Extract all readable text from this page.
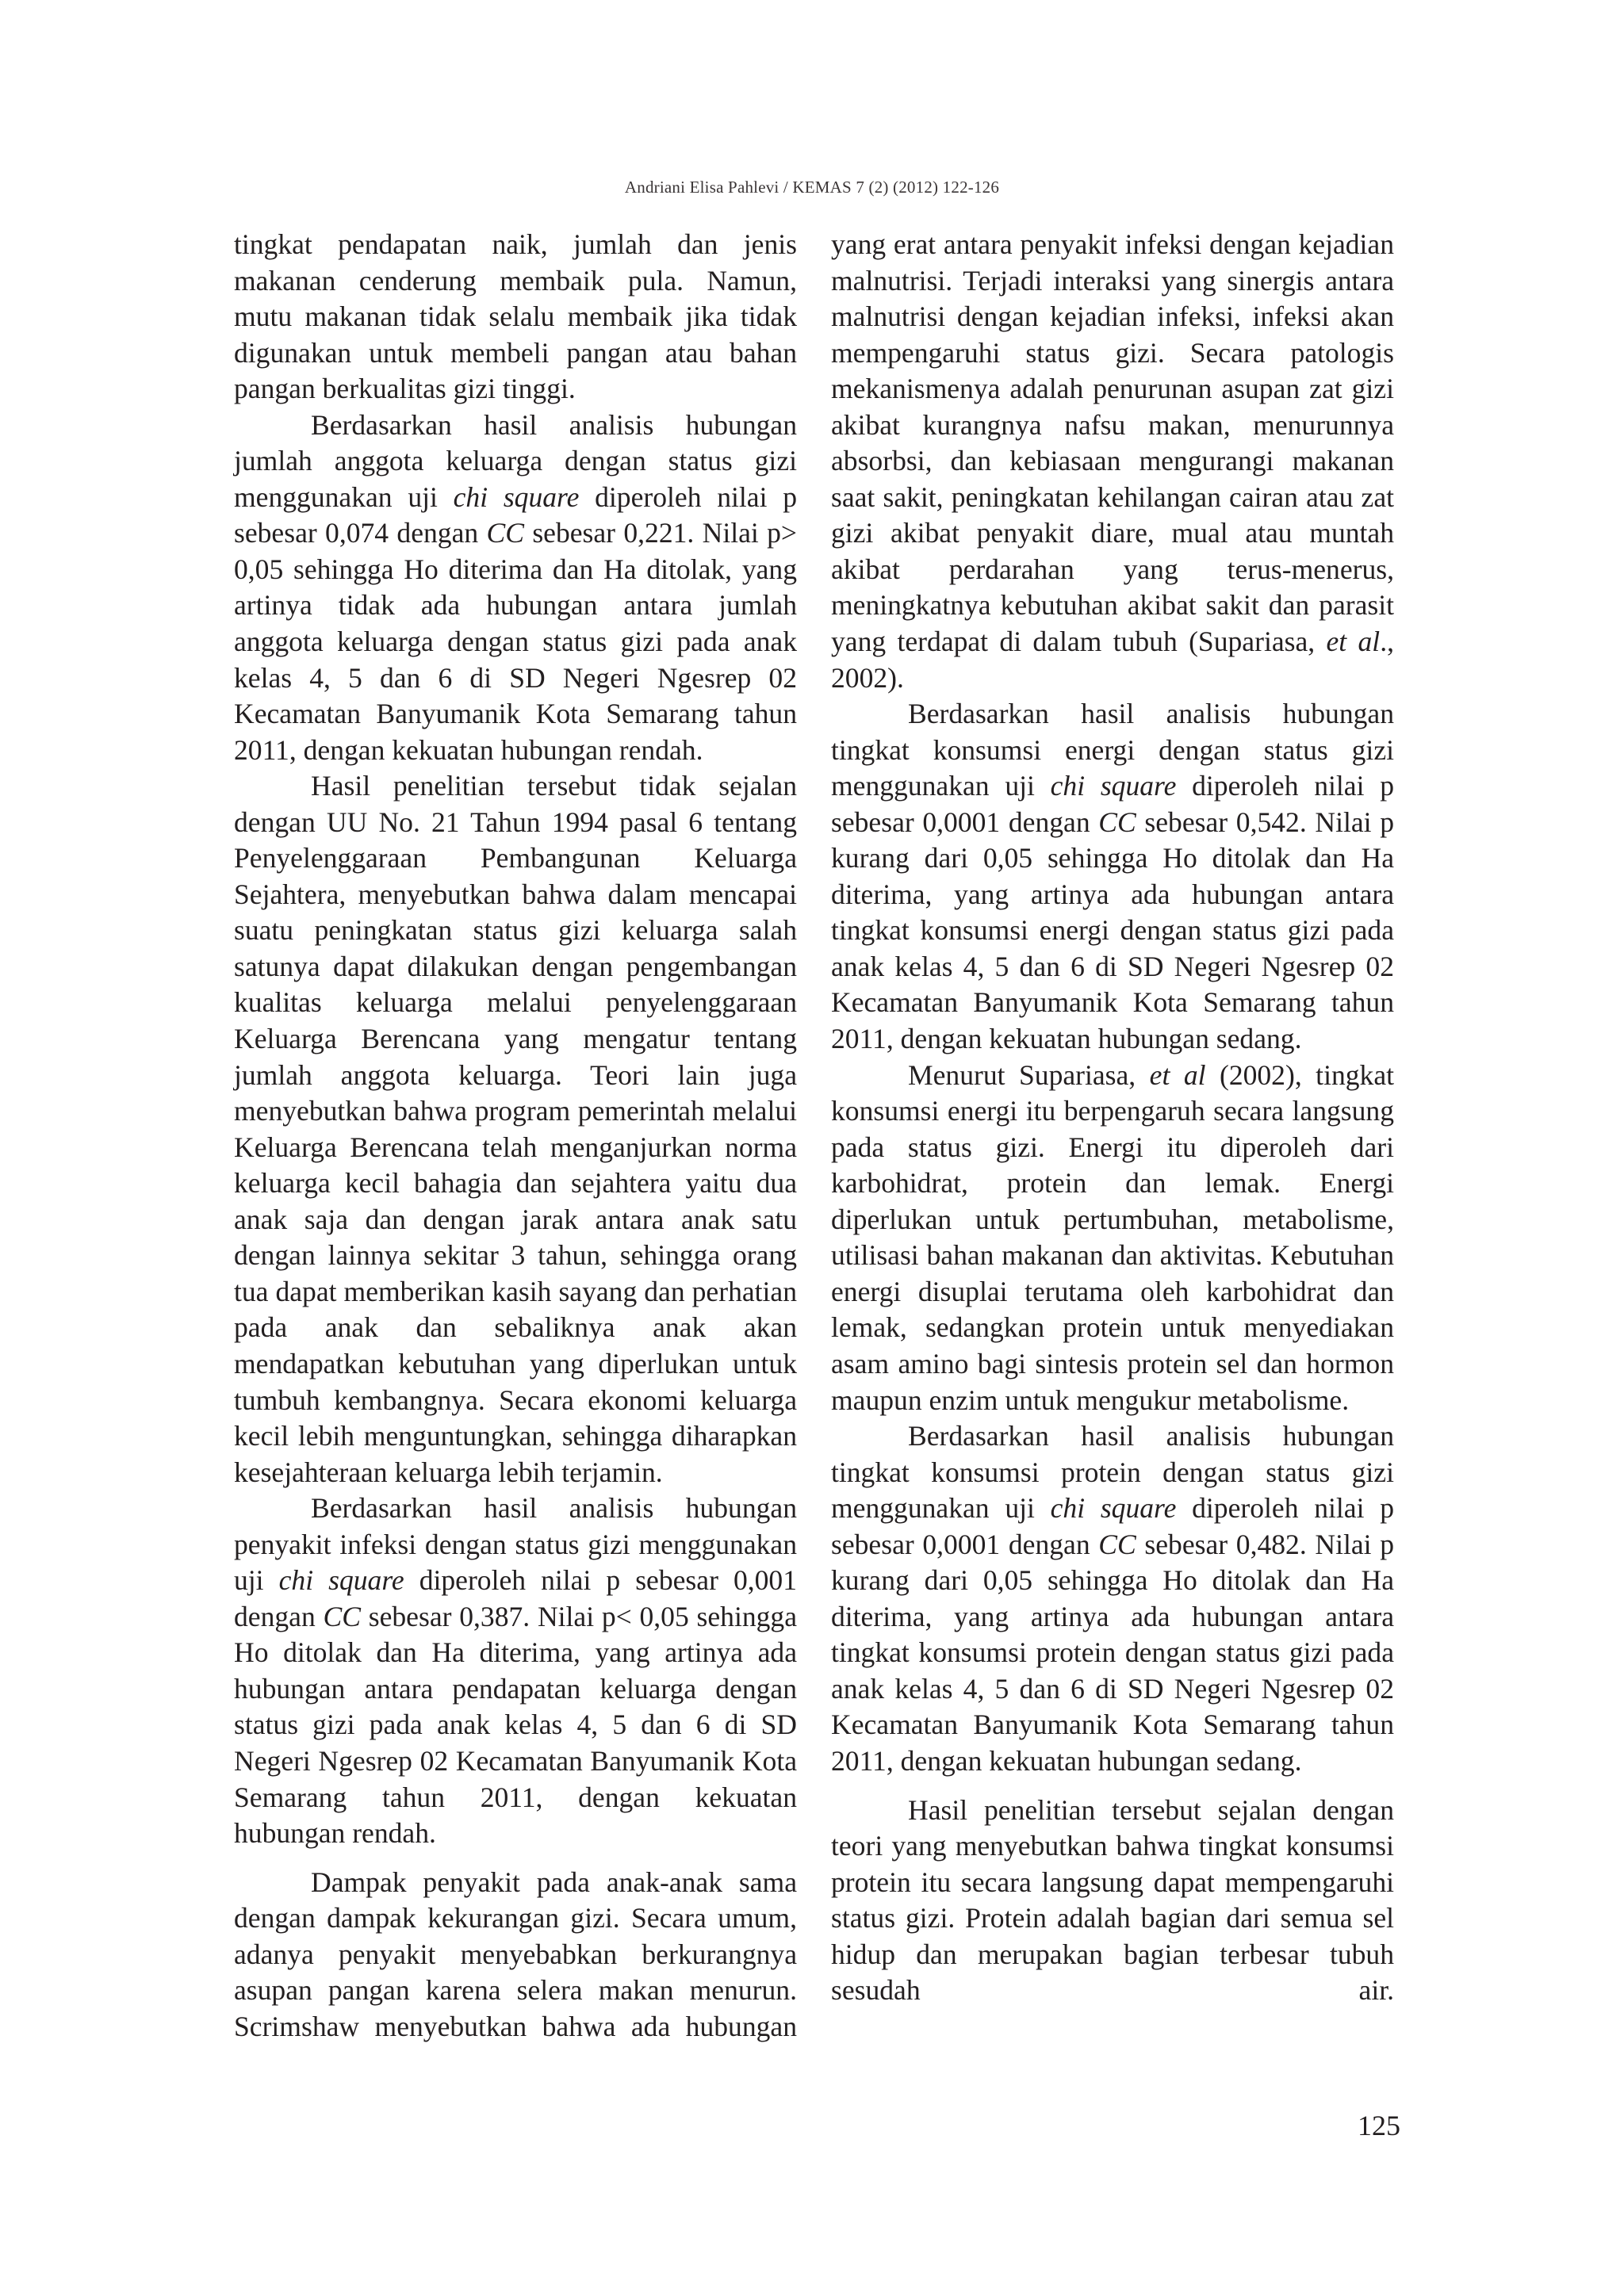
Andriani Elisa Pahlevi / KEMAS 7 (2) (2012) 122-126

tingkat pendapatan naik, jumlah dan jenis makanan cenderung membaik pula. Namun, mutu makanan tidak selalu membaik jika tidak digunakan untuk membeli pangan atau bahan pangan berkualitas gizi tinggi.

Berdasarkan hasil analisis hubungan jumlah anggota keluarga dengan status gizi menggunakan uji chi square diperoleh nilai p sebesar 0,074 dengan CC sebesar 0,221. Nilai p> 0,05 sehingga Ho diterima dan Ha ditolak, yang artinya tidak ada hubungan antara jumlah anggota keluarga dengan status gizi pada anak kelas 4, 5 dan 6 di SD Negeri Ngesrep 02 Kecamatan Banyumanik Kota Semarang tahun 2011, dengan kekuatan hubungan rendah.

Hasil penelitian tersebut tidak sejalan dengan UU No. 21 Tahun 1994 pasal 6 tentang Penyelenggaraan Pembangunan Keluarga Sejahtera, menyebutkan bahwa dalam mencapai suatu peningkatan status gizi keluarga salah satunya dapat dilakukan dengan pengembangan kualitas keluarga melalui penyelenggaraan Keluarga Berencana yang mengatur tentang jumlah anggota keluarga. Teori lain juga menyebutkan bahwa program pemerintah melalui Keluarga Berencana telah menganjurkan norma keluarga kecil bahagia dan sejahtera yaitu dua anak saja dan dengan jarak antara anak satu dengan lainnya sekitar 3 tahun, sehingga orang tua dapat memberikan kasih sayang dan perhatian pada anak dan sebaliknya anak akan mendapatkan kebutuhan yang diperlukan untuk tumbuh kembangnya. Secara ekonomi keluarga kecil lebih menguntungkan, sehingga diharapkan kesejahteraan keluarga lebih terjamin.

Berdasarkan hasil analisis hubungan penyakit infeksi dengan status gizi menggunakan uji chi square diperoleh nilai p sebesar 0,001 dengan CC sebesar 0,387. Nilai p< 0,05 sehingga Ho ditolak dan Ha diterima, yang artinya ada hubungan antara pendapatan keluarga dengan status gizi pada anak kelas 4, 5 dan 6 di SD Negeri Ngesrep 02 Kecamatan Banyumanik Kota Semarang tahun 2011, dengan kekuatan hubungan rendah.

Dampak penyakit pada anak-anak sama dengan dampak kekurangan gizi. Secara umum, adanya penyakit menyebabkan berkurangnya asupan pangan karena selera makan menurun. Scrimshaw menyebutkan bahwa ada hubungan

yang erat antara penyakit infeksi dengan kejadian malnutrisi. Terjadi interaksi yang sinergis antara malnutrisi dengan kejadian infeksi, infeksi akan mempengaruhi status gizi. Secara patologis mekanismenya adalah penurunan asupan zat gizi akibat kurangnya nafsu makan, menurunnya absorbsi, dan kebiasaan mengurangi makanan saat sakit, peningkatan kehilangan cairan atau zat gizi akibat penyakit diare, mual atau muntah akibat perdarahan yang terus-menerus, meningkatnya kebutuhan akibat sakit dan parasit yang terdapat di dalam tubuh (Supariasa, et al., 2002).

Berdasarkan hasil analisis hubungan tingkat konsumsi energi dengan status gizi menggunakan uji chi square diperoleh nilai p sebesar 0,0001 dengan CC sebesar 0,542. Nilai p kurang dari 0,05 sehingga Ho ditolak dan Ha diterima, yang artinya ada hubungan antara tingkat konsumsi energi dengan status gizi pada anak kelas 4, 5 dan 6 di SD Negeri Ngesrep 02 Kecamatan Banyumanik Kota Semarang tahun 2011, dengan kekuatan hubungan sedang.

Menurut Supariasa, et al (2002), tingkat konsumsi energi itu berpengaruh secara langsung pada status gizi. Energi itu diperoleh dari karbohidrat, protein dan lemak. Energi diperlukan untuk pertumbuhan, metabolisme, utilisasi bahan makanan dan aktivitas. Kebutuhan energi disuplai terutama oleh karbohidrat dan lemak, sedangkan protein untuk menyediakan asam amino bagi sintesis protein sel dan hormon maupun enzim untuk mengukur metabolisme.

Berdasarkan hasil analisis hubungan tingkat konsumsi protein dengan status gizi menggunakan uji chi square diperoleh nilai p sebesar 0,0001 dengan CC sebesar 0,482. Nilai p kurang dari 0,05 sehingga Ho ditolak dan Ha diterima, yang artinya ada hubungan antara tingkat konsumsi protein dengan status gizi pada anak kelas 4, 5 dan 6 di SD Negeri Ngesrep 02 Kecamatan Banyumanik Kota Semarang tahun 2011, dengan kekuatan hubungan sedang.

Hasil penelitian tersebut sejalan dengan teori yang menyebutkan bahwa tingkat konsumsi protein itu secara langsung dapat mempengaruhi status gizi. Protein adalah bagian dari semua sel hidup dan merupakan bagian terbesar tubuh sesudah air.

125
